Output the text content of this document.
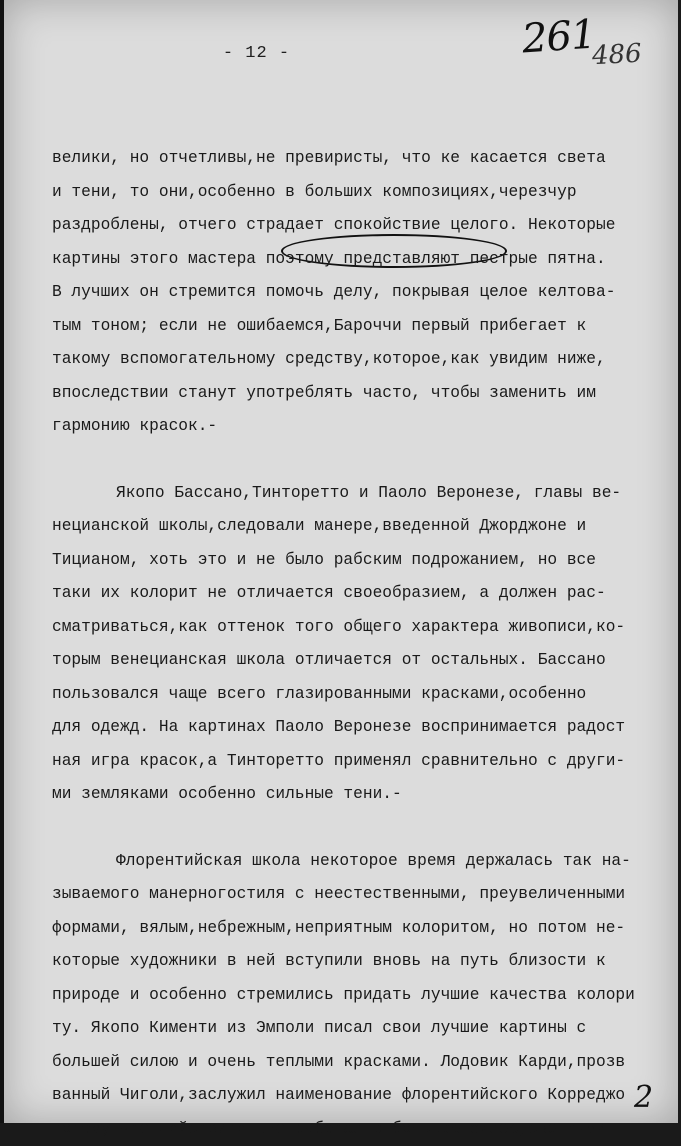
- 12 -	261
486

велики, но отчетливы,не превиристы, что ке касается света
и тени, то они,особенно в больших композициях,черезчур
раздроблены, отчего страдает спокойствие целого. Некоторые
картины этого мастера поэтому представляют пестрые пятна.
В лучших он стремится помочь делу, покрывая целое келтова-
тым тоном; если не ошибаемся,Бароччи первый прибегает к
такому вспомогательному средству,которое,как увидим ниже,
впоследствии станут употреблять часто, чтобы заменить им
гармонию красок.-

Якопо Бассано,Тинторетто и Паоло Веронезе, главы ве-
нецианской школы,следовали манере,введенной Джорджоне и
Тицианом, хоть это и не было рабским подрожанием, но все
таки их колорит не отличается своеобразием, а должен рас-
сматриваться,как оттенок того общего характера живописи,ко-
торым венецианская школа отличается от остальных. Бассано
пользовался чаще всего глазированными красками,особенно
для одежд. На картинах Паоло Веронезе воспринимается радост
ная игра красок,а Тинторетто применял сравнительно с други-
ми земляками особенно сильные тени.-

Флорентийская школа некоторое время держалась так на-
зываемого манерногостиля с неестественными, преувеличенными
формами, вялым,небрежным,неприятным колоритом, но потом не-
которые художники в ней вступили вновь на путь близости к
природе и особенно стремились придать лучшие качества колори
ту. Якопо Кименти из Эмполи писал свои лучшие картины с
большей силою и очень теплыми красками. Лодовик Карди,прозв
ванный Чиголи,заслужил наименование флорентийского Корреджо
потому что действительно работал с большою силою,светлыми

2
